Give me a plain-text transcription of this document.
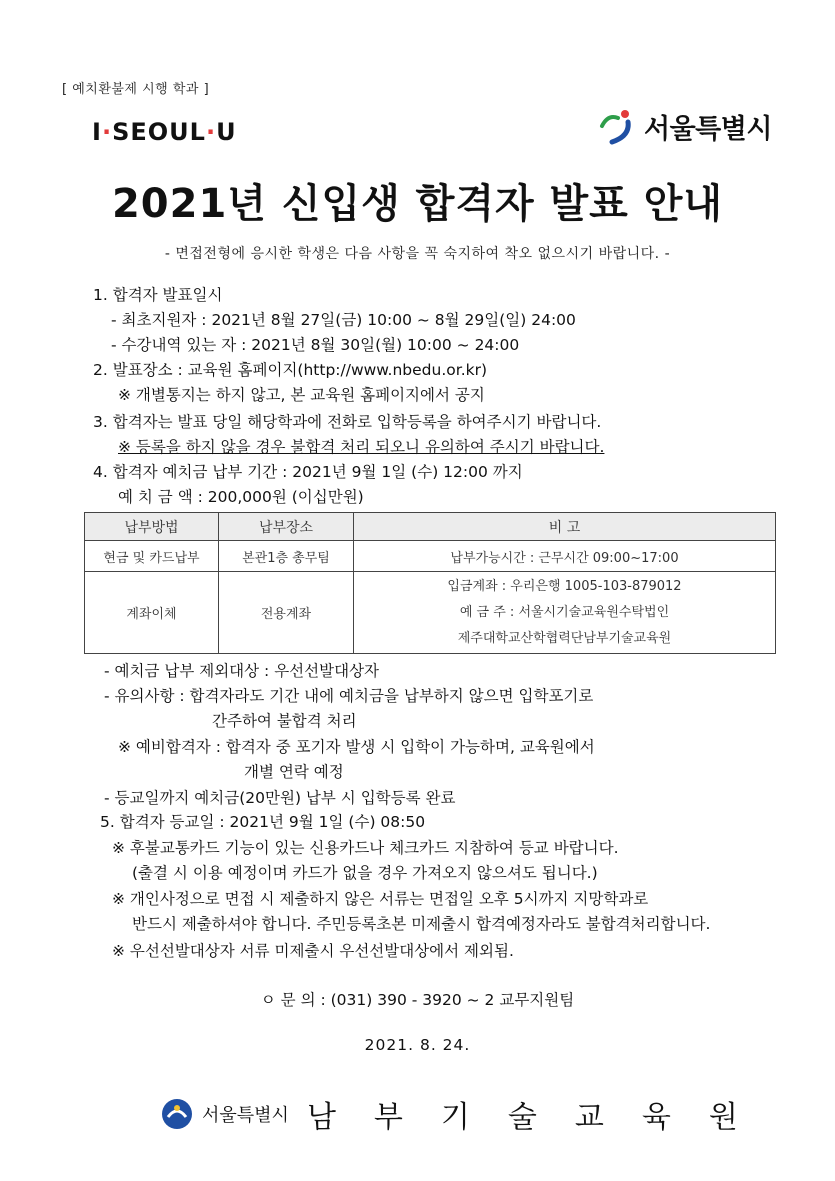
[ 예치환불제 시행 학과 ]
I·SEOUL·U	서울특별시
2021년 신입생 합격자 발표 안내
- 면접전형에 응시한 학생은 다음 사항을 꼭 숙지하여 착오 없으시기 바랍니다. -
1. 합격자 발표일시
- 최초지원자 : 2021년 8월 27일(금) 10:00 ~ 8월 29일(일) 24:00
- 수강내역 있는 자 : 2021년 8월 30일(월) 10:00 ~ 24:00
2. 발표장소 : 교육원 홈페이지(http://www.nbedu.or.kr)
※ 개별통지는 하지 않고, 본 교육원 홈페이지에서 공지
3. 합격자는 발표 당일 해당학과에 전화로 입학등록을 하여주시기 바랍니다.
※ 등록을 하지 않을 경우 불합격 처리 되오니 유의하여 주시기 바랍니다.
4. 합격자 예치금 납부 기간 : 2021년 9월 1일 (수) 12:00 까지
예 치 금 액 : 200,000원 (이십만원)
납부방법	납부장소	비 고
현금 및 카드납부	본관1층 총무팀	납부가능시간 : 근무시간 09:00~17:00
계좌이체	전용계좌	입금계좌 : 우리은행 1005-103-879012
예 금 주 : 서울시기술교육원수탁법인
제주대학교산학협력단남부기술교육원
- 예치금 납부 제외대상 : 우선선발대상자
- 유의사항 : 합격자라도 기간 내에 예치금을 납부하지 않으면 입학포기로
간주하여 불합격 처리
※ 예비합격자 : 합격자 중 포기자 발생 시 입학이 가능하며, 교육원에서
개별 연락 예정
- 등교일까지 예치금(20만원) 납부 시 입학등록 완료
5. 합격자 등교일 : 2021년 9월 1일 (수) 08:50
※ 후불교통카드 기능이 있는 신용카드나 체크카드 지참하여 등교 바랍니다.
(출결 시 이용 예정이며 카드가 없을 경우 가져오지 않으셔도 됩니다.)
※ 개인사정으로 면접 시 제출하지 않은 서류는 면접일 오후 5시까지 지망학과로
반드시 제출하셔야 합니다. 주민등록초본 미제출시 합격예정자라도 불합격처리합니다.
※ 우선선발대상자 서류 미제출시 우선선발대상에서 제외됨.
ㅇ 문 의 : (031) 390 - 3920 ~ 2 교무지원팀
2021. 8. 24.
서울특별시 남부기술교육원
